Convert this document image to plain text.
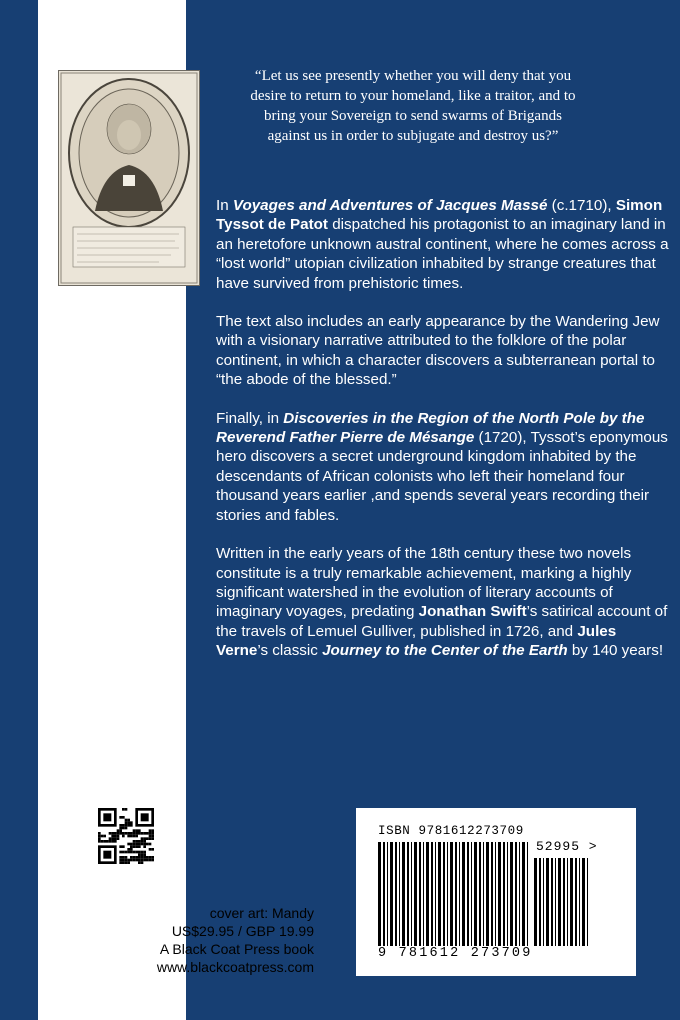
“Let us see presently whether you will deny that you desire to return to your homeland, like a traitor, and to bring your Sovereign to send swarms of Brigands against us in order to subjugate and destroy us?”

In Voyages and Adventures of Jacques Massé (c.1710), Simon Tyssot de Patot dispatched his protagonist to an imaginary land in an heretofore unknown austral continent, where he comes across a “lost world” utopian civilization inhabited by strange creatures that have survived from prehistoric times.

The text also includes an early appearance by the Wandering Jew with a visionary narrative attributed to the folklore of the polar continent, in which a character discovers a subterranean portal to “the abode of the blessed.”

Finally, in Discoveries in the Region of the North Pole by the Reverend Father Pierre de Mésange (1720), Tyssot’s eponymous hero discovers a secret underground kingdom inhabited by the descendants of African colonists who left their homeland four thousand years earlier ,and spends several years recording their stories and fables.

Written in the early years of the 18th century these two novels constitute is a truly remarkable achievement, marking a highly significant watershed in the evolution of literary accounts of imaginary voyages, predating Jonathan Swift’s satirical account of the travels of Lemuel Gulliver, published in 1726, and Jules Verne’s classic Journey to the Center of the Earth by 140 years!

cover art: Mandy
US$29.95 / GBP 19.99
A Black Coat Press book
www.blackcoatpress.com

ISBN 9781612273709

52995 >

9 781612 273709
